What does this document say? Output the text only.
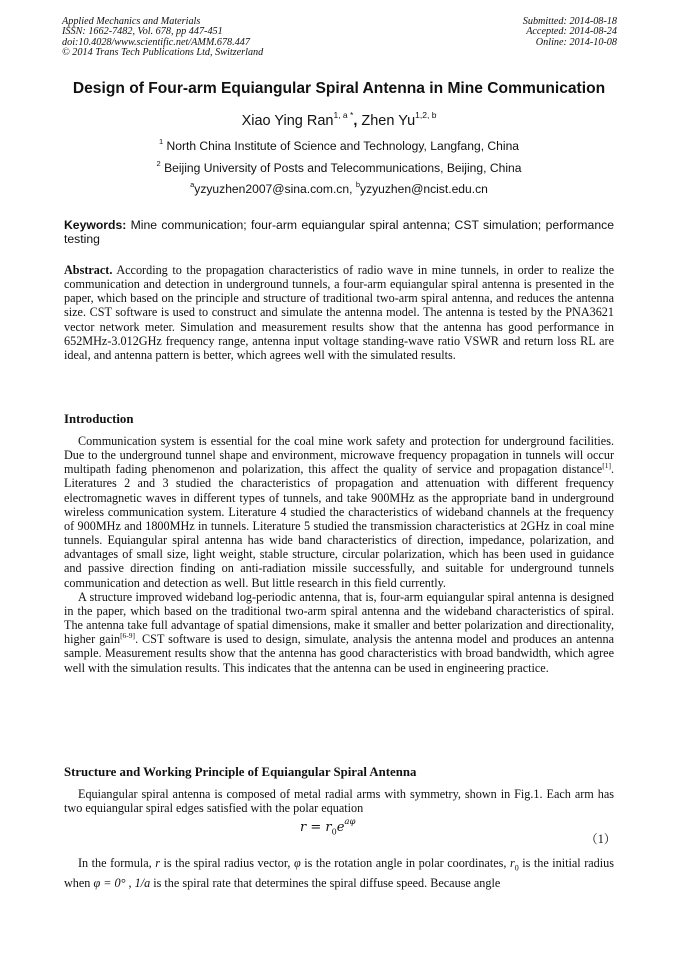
Applied Mechanics and Materials
ISSN: 1662-7482, Vol. 678, pp 447-451
doi:10.4028/www.scientific.net/AMM.678.447
© 2014 Trans Tech Publications Ltd, Switzerland
Submitted: 2014-08-18
Accepted: 2014-08-24
Online: 2014-10-08
Design of Four-arm Equiangular Spiral Antenna in Mine Communication
Xiao Ying Ran$^{1, a *}$, Zhen Yu$^{1,2, b}$
$^1$ North China Institute of Science and Technology, Langfang, China
$^2$ Beijing University of Posts and Telecommunications, Beijing, China
$^a$yzyuzhen2007@sina.com.cn, $^b$yzyuzhen@ncist.edu.cn
Keywords: Mine communication; four-arm equiangular spiral antenna; CST simulation; performance testing

Abstract. According to the propagation characteristics of radio wave in mine tunnels, in order to realize the communication and detection in underground tunnels, a four-arm equiangular spiral antenna is presented in the paper, which based on the principle and structure of traditional two-arm spiral antenna, and reduces the antenna size. CST software is used to construct and simulate the antenna model. The antenna is tested by the PNA3621 vector network meter. Simulation and measurement results show that the antenna has good performance in 652MHz-3.012GHz frequency range, antenna input voltage standing-wave ratio VSWR and return loss RL are ideal, and antenna pattern is better, which agrees well with the simulated results.

Introduction

Communication system is essential for the coal mine work safety and protection for underground facilities. Due to the underground tunnel shape and environment, microwave frequency propagation in tunnels will occur multipath fading phenomenon and polarization, this affect the quality of service and propagation distance[1]. Literatures 2 and 3 studied the characteristics of propagation and attenuation with different frequency electromagnetic waves in different types of tunnels, and take 900MHz as the appropriate band in underground wireless communication system. Literature 4 studied the characteristics of wideband channels at the frequency of 900MHz and 1800MHz in tunnels. Literature 5 studied the transmission characteristics at 2GHz in coal mine tunnels. Equiangular spiral antenna has wide band characteristics of direction, impedance, polarization, and advantages of small size, light weight, stable structure, circular polarization, which has been used in guidance and passive direction finding on anti-radiation missile successfully, and suitable for underground tunnels communication and detection as well. But little research in this field currently.

A structure improved wideband log-periodic antenna, that is, four-arm equiangular spiral antenna is designed in the paper, which based on the traditional two-arm spiral antenna and the wideband characteristics of spiral. The antenna take full advantage of spatial dimensions, make it smaller and better polarization and directionality, higher gain[6-9]. CST software is used to design, simulate, analysis the antenna model and produces an antenna sample. Measurement results show that the antenna has good characteristics with broad bandwidth, which agree well with the simulation results. This indicates that the antenna can be used in engineering practice.

Structure and Working Principle of Equiangular Spiral Antenna

Equiangular spiral antenna is composed of metal radial arms with symmetry, shown in Fig.1. Each arm has two equiangular spiral edges satisfied with the polar equation

$r = r_0e^{a\varphi}$
（1）

In the formula, r is the spiral radius vector, φ is the rotation angle in polar coordinates, $r_0$ is the initial radius when φ = 0° , 1/a is the spiral rate that determines the spiral diffuse speed. Because angle
